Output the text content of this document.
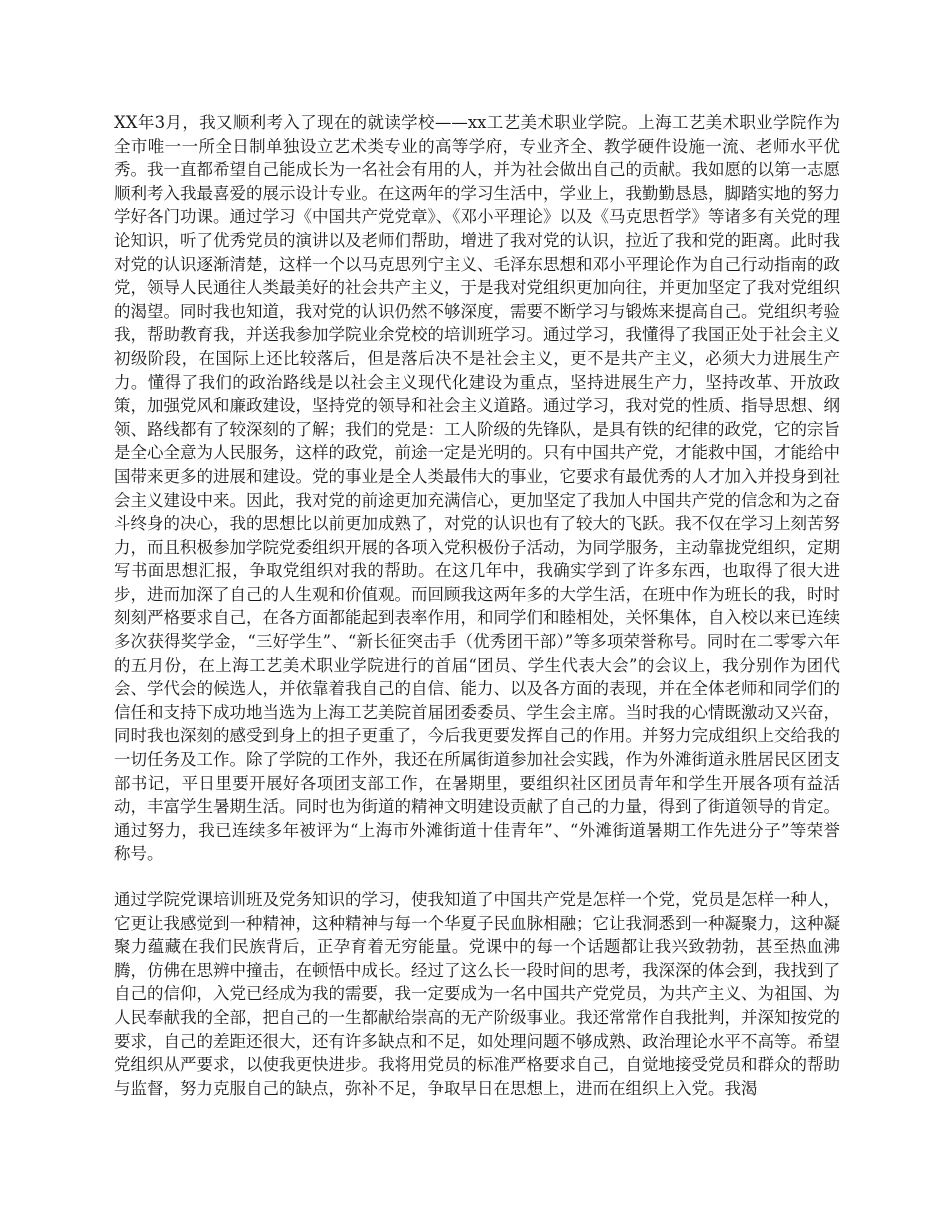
XX年3月，我又顺利考入了现在的就读学校——xx工艺美术职业学院。上海工艺美术职业学院作为全市唯一一所全日制单独设立艺术类专业的高等学府，专业齐全、教学硬件设施一流、老师水平优秀。我一直都希望自己能成长为一名社会有用的人，并为社会做出自己的贡献。我如愿的以第一志愿顺利考入我最喜爱的展示设计专业。在这两年的学习生活中，学业上，我勤勤恳恳，脚踏实地的努力学好各门功课。通过学习《中国共产党党章》、《邓小平理论》以及《马克思哲学》等诸多有关党的理论知识，听了优秀党员的演讲以及老师们帮助，增进了我对党的认识，拉近了我和党的距离。此时我对党的认识逐渐清楚，这样一个以马克思列宁主义、毛泽东思想和邓小平理论作为自己行动指南的政党，领导人民通往人类最美好的社会共产主义，于是我对党组织更加向往，并更加坚定了我对党组织的渴望。同时我也知道，我对党的认识仍然不够深度，需要不断学习与锻炼来提高自己。党组织考验我，帮助教育我，并送我参加学院业余党校的培训班学习。通过学习，我懂得了我国正处于社会主义初级阶段，在国际上还比较落后，但是落后决不是社会主义，更不是共产主义，必须大力进展生产力。懂得了我们的政治路线是以社会主义现代化建设为重点，坚持进展生产力，坚持改革、开放政策，加强党风和廉政建设，坚持党的领导和社会主义道路。通过学习，我对党的性质、指导思想、纲领、路线都有了较深刻的了解；我们的党是：工人阶级的先锋队，是具有铁的纪律的政党，它的宗旨是全心全意为人民服务，这样的政党，前途一定是光明的。只有中国共产党，才能救中国，才能给中国带来更多的进展和建设。党的事业是全人类最伟大的事业，它要求有最优秀的人才加入并投身到社会主义建设中来。因此，我对党的前途更加充满信心，更加坚定了我加人中国共产党的信念和为之奋斗终身的决心，我的思想比以前更加成熟了，对党的认识也有了较大的飞跃。我不仅在学习上刻苦努力，而且积极参加学院党委组织开展的各项入党积极份子活动，为同学服务，主动靠拢党组织，定期写书面思想汇报，争取党组织对我的帮助。在这几年中，我确实学到了许多东西，也取得了很大进步，进而加深了自己的人生观和价值观。而回顾我这两年多的大学生活，在班中作为班长的我，时时刻刻严格要求自己，在各方面都能起到表率作用，和同学们和睦相处，关怀集体，自入校以来已连续多次获得奖学金，“三好学生”、“新长征突击手（优秀团干部）”等多项荣誉称号。同时在二零零六年的五月份，在上海工艺美术职业学院进行的首届“团员、学生代表大会”的会议上，我分别作为团代会、学代会的候选人，并依靠着我自己的自信、能力、以及各方面的表现，并在全体老师和同学们的信任和支持下成功地当选为上海工艺美院首届团委委员、学生会主席。当时我的心情既激动又兴奋，同时我也深刻的感受到身上的担子更重了，今后我更要发挥自己的作用。并努力完成组织上交给我的一切任务及工作。除了学院的工作外，我还在所属街道参加社会实践，作为外滩街道永胜居民区团支部书记，平日里要开展好各项团支部工作，在暑期里，要组织社区团员青年和学生开展各项有益活动，丰富学生暑期生活。同时也为街道的精神文明建设贡献了自己的力量，得到了街道领导的肯定。通过努力，我已连续多年被评为“上海市外滩街道十佳青年”、“外滩街道暑期工作先进分子”等荣誉称号。

通过学院党课培训班及党务知识的学习，使我知道了中国共产党是怎样一个党，党员是怎样一种人，它更让我感觉到一种精神，这种精神与每一个华夏子民血脉相融；它让我洞悉到一种凝聚力，这种凝聚力蕴藏在我们民族背后，正孕育着无穷能量。党课中的每一个话题都让我兴致勃勃，甚至热血沸腾，仿佛在思辨中撞击，在顿悟中成长。经过了这么长一段时间的思考，我深深的体会到，我找到了自己的信仰，入党已经成为我的需要，我一定要成为一名中国共产党党员，为共产主义、为祖国、为人民奉献我的全部，把自己的一生都献给崇高的无产阶级事业。我还常常作自我批判，并深知按党的要求，自己的差距还很大，还有许多缺点和不足，如处理问题不够成熟、政治理论水平不高等。希望党组织从严要求，以使我更快进步。我将用党员的标准严格要求自己，自觉地接受党员和群众的帮助与监督，努力克服自己的缺点，弥补不足，争取早日在思想上，进而在组织上入党。我渴
